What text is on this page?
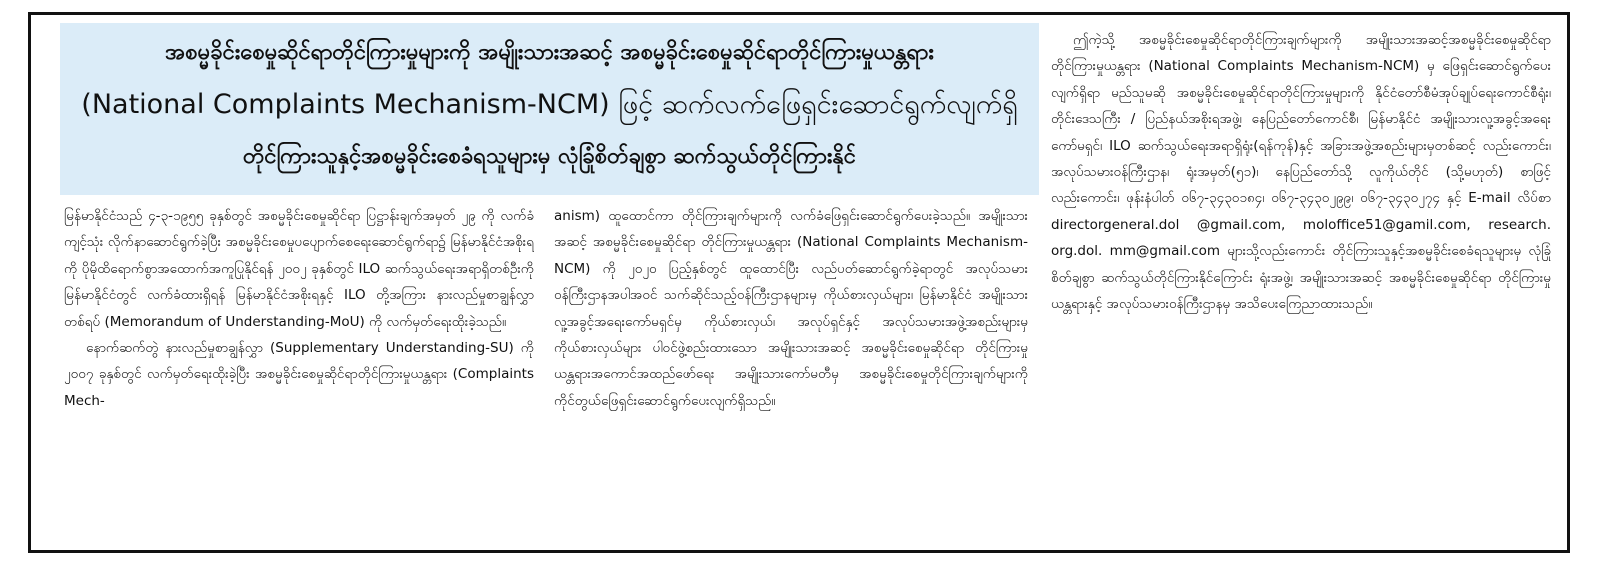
အစမ္မခိုင်းစေမှုဆိုင်ရာတိုင်ကြားမှုများကို အမျိုးသားအဆင့် အစမ္မခိုင်းစေမှုဆိုင်ရာတိုင်ကြားမှုယန္တရား

(National Complaints Mechanism-NCM) ဖြင့် ဆက်လက်ဖြေရှင်းဆောင်ရွက်လျက်ရှိ

တိုင်ကြားသူနှင့်အစမ္မခိုင်းစေခံရသူများမှ လုံခြုံစိတ်ချစွာ ဆက်သွယ်တိုင်ကြားနိုင်

မြန်မာနိုင်ငံသည် ၄-၃-၁၉၅၅ ခုနှစ်တွင် အစမ္မခိုင်းစေမှုဆိုင်ရာ ပြဋ္ဌာန်းချက်အမှတ် ၂၉ ကို လက်ခံကျင့်သုံး လိုက်နာဆောင်ရွက်ခဲ့ပြီး အစမ္မခိုင်းစေမှုပပျောက်စေရေးဆောင်ရွက်ရာ၌ မြန်မာနိုင်ငံအစိုးရကို ပိုမိုထိရောက်စွာအထောက်အကူပြုနိုင်ရန် ၂၀၀၂ ခုနှစ်တွင် ILO ဆက်သွယ်ရေးအရာရှိတစ်ဦးကို မြန်မာနိုင်ငံတွင် လက်ခံထားရှိရန် မြန်မာနိုင်ငံအစိုးရနှင့် ILO တို့အကြား နားလည်မှုစာချွန်လွှာတစ်ရပ် (Memorandum of Understanding-MoU) ကို လက်မှတ်ရေးထိုးခဲ့သည်။

နောက်ဆက်တွဲ နားလည်မှုစာချွန်လွှာ (Supplementary Understanding-SU) ကို ၂၀၀၇ ခုနှစ်တွင် လက်မှတ်ရေးထိုးခဲ့ပြီး အစမ္မခိုင်းစေမှုဆိုင်ရာတိုင်ကြားမှုယန္တရား (Complaints Mech-

anism) ထူထောင်ကာ တိုင်ကြားချက်များကို လက်ခံဖြေရှင်းဆောင်ရွက်ပေးခဲ့သည်။ အမျိုးသားအဆင့် အစမ္မခိုင်းစေမှုဆိုင်ရာ တိုင်ကြားမှုယန္တရား (National Complaints Mechanism-NCM) ကို ၂၀၂၀ ပြည့်နှစ်တွင် ထူထောင်ပြီး လည်ပတ်ဆောင်ရွက်ခဲ့ရာတွင် အလုပ်သမားဝန်ကြီးဌာနအပါအဝင် သက်ဆိုင်သည့်ဝန်ကြီးဌာနများမှ ကိုယ်စားလှယ်များ၊ မြန်မာနိုင်ငံ အမျိုးသားလူ့အခွင့်အရေးကော်မရှင်မှ ကိုယ်စားလှယ်၊ အလုပ်ရှင်နှင့် အလုပ်သမားအဖွဲ့အစည်းများမှ ကိုယ်စားလှယ်များ ပါဝင်ဖွဲ့စည်းထားသော အမျိုးသားအဆင့် အစမ္မခိုင်းစေမှုဆိုင်ရာ တိုင်ကြားမှုယန္တရားအကောင်အထည်ဖော်ရေး အမျိုးသားကော်မတီမှ အစမ္မခိုင်းစေမှုတိုင်ကြားချက်များကို ကိုင်တွယ်ဖြေရှင်းဆောင်ရွက်ပေးလျက်ရှိသည်။

ဤကဲ့သို့ အစမ္မခိုင်းစေမှုဆိုင်ရာတိုင်ကြားချက်များကို အမျိုးသားအဆင့်အစမ္မခိုင်းစေမှုဆိုင်ရာတိုင်ကြားမှုယန္တရား (National Complaints Mechanism-NCM) မှ ဖြေရှင်းဆောင်ရွက်ပေးလျက်ရှိရာ မည်သူမဆို အစမ္မခိုင်းစေမှုဆိုင်ရာတိုင်ကြားမှုများကို နိုင်ငံတော်စီမံအုပ်ချုပ်ရေးကောင်စီရုံး၊ တိုင်းဒေသကြီး / ပြည်နယ်အစိုးရအဖွဲ့၊ နေပြည်တော်ကောင်စီ၊ မြန်မာနိုင်ငံ အမျိုးသားလူ့အခွင့်အရေးကော်မရှင်၊ ILO ဆက်သွယ်ရေးအရာရှိရုံး(ရန်ကုန်)နှင့် အခြားအဖွဲ့အစည်းများမှတစ်ဆင့် လည်းကောင်း၊ အလုပ်သမားဝန်ကြီးဌာန၊ ရုံးအမှတ်(၅၁)၊ နေပြည်တော်သို့ လူကိုယ်တိုင် (သို့မဟုတ်) စာဖြင့် လည်းကောင်း၊ ဖုန်းနံပါတ် ၀၆၇-၃၄၃၀၁၈၄၊ ၀၆၇-၃၄၃၀၂၉၉၊ ၀၆၇-၃၄၃၀၂၇၄ နှင့် E-mail လိပ်စာ directorgeneral.dol @gmail.com, moloffice51@gamil.com, research. org.dol. mm@gmail.com များသို့လည်းကောင်း တိုင်ကြားသူနှင့်အစမ္မခိုင်းစေခံရသူများမှ လုံခြုံစိတ်ချစွာ ဆက်သွယ်တိုင်ကြားနိုင်ကြောင်း ရုံးအဖွဲ့၊ အမျိုးသားအဆင့် အစမ္မခိုင်းစေမှုဆိုင်ရာ တိုင်ကြားမှုယန္တရားနှင့် အလုပ်သမားဝန်ကြီးဌာနမှ အသိပေးကြေညာထားသည်။
